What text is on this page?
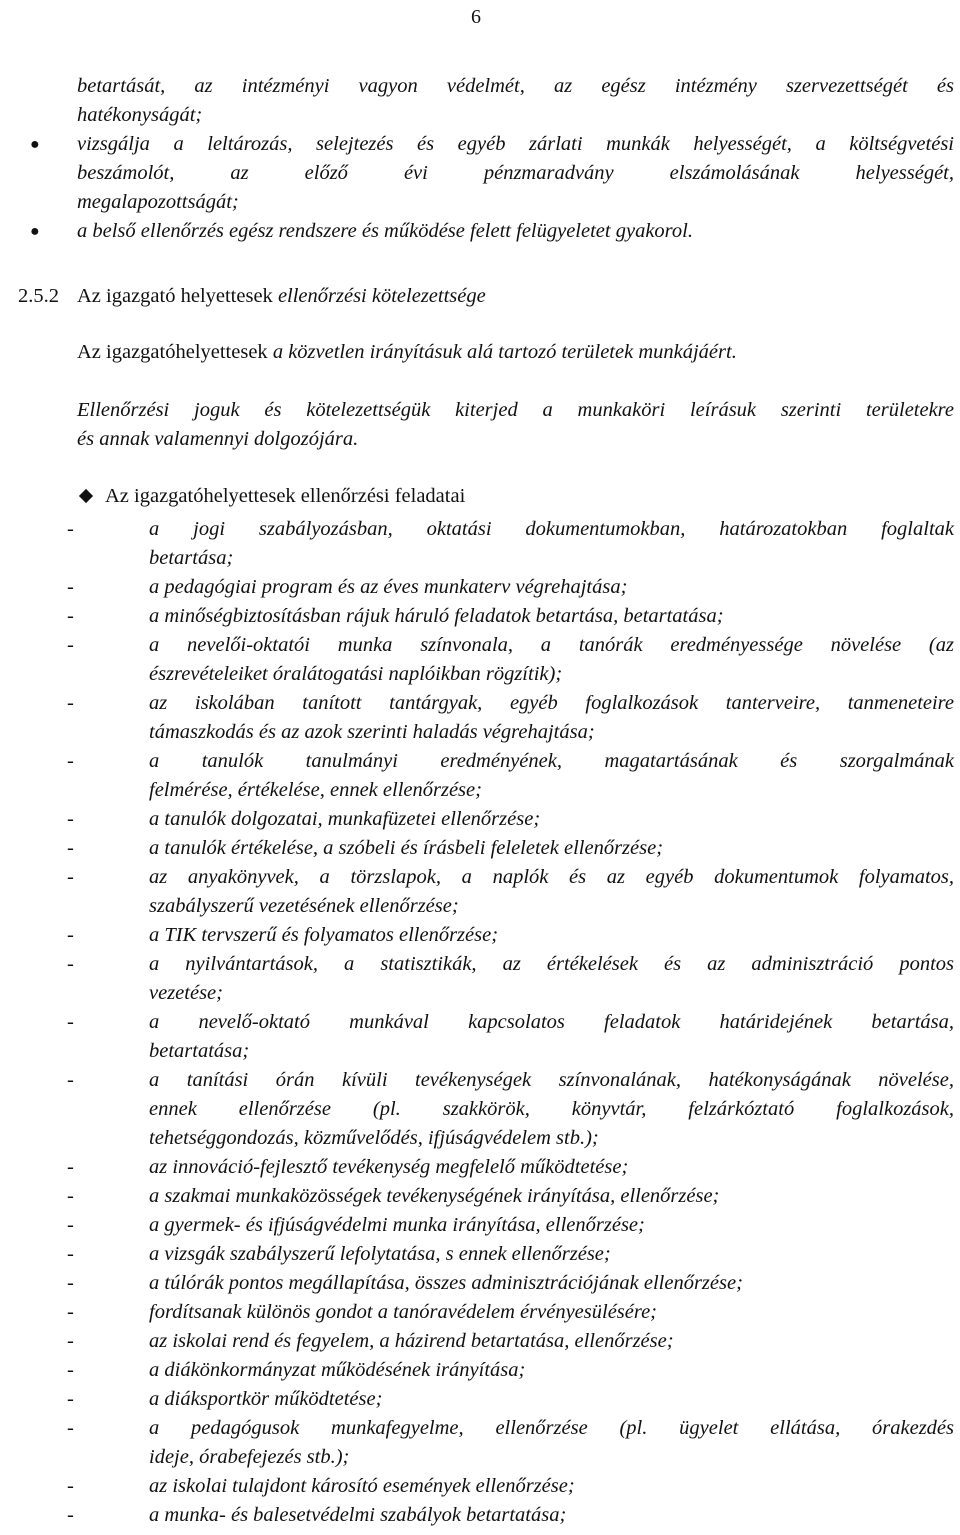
6
betartását, az intézményi vagyon védelmét, az egész intézmény szervezettségét és
hatékonyságát;
●	vizsgálja a leltározás, selejtezés és egyéb zárlati munkák helyességét, a költségvetési
beszámolót, az előző évi pénzmaradvány elszámolásának helyességét,
megalapozottságát;
●	a belső ellenőrzés egész rendszere és működése felett felügyeletet gyakorol.
2.5.2 Az igazgató helyettesek ellenőrzési kötelezettsége
Az igazgatóhelyettesek a közvetlen irányításuk alá tartozó területek munkájáért.
Ellenőrzési joguk és kötelezettségük kiterjed a munkaköri leírásuk szerinti területekre
és annak valamennyi dolgozójára.
Az igazgatóhelyettesek ellenőrzési feladatai
-	a jogi szabályozásban, oktatási dokumentumokban, határozatokban foglaltak
betartása;
-	a pedagógiai program és az éves munkaterv végrehajtása;
-	a minőségbiztosításban rájuk háruló feladatok betartása, betartatása;
-	a nevelői-oktatói munka színvonala, a tanórák eredményessége növelése (az
észrevételeiket óralátogatási naplóikban rögzítik);
-	az iskolában tanított tantárgyak, egyéb foglalkozások tanterveire, tanmeneteire
támaszkodás és az azok szerinti haladás végrehajtása;
-	a tanulók tanulmányi eredményének, magatartásának és szorgalmának
felmérése, értékelése, ennek ellenőrzése;
-	a tanulók dolgozatai, munkafüzetei ellenőrzése;
-	a tanulók értékelése, a szóbeli és írásbeli feleletek ellenőrzése;
-	az anyakönyvek, a törzslapok, a naplók és az egyéb dokumentumok folyamatos,
szabályszerű vezetésének ellenőrzése;
-	a TIK tervszerű és folyamatos ellenőrzése;
-	a nyilvántartások, a statisztikák, az értékelések és az adminisztráció pontos
vezetése;
-	a nevelő-oktató munkával kapcsolatos feladatok határidejének betartása,
betartatása;
-	a tanítási órán kívüli tevékenységek színvonalának, hatékonyságának növelése,
ennek ellenőrzése (pl. szakkörök, könyvtár, felzárkóztató foglalkozások,
tehetséggondozás, közművelődés, ifjúságvédelem stb.);
-	az innováció-fejlesztő tevékenység megfelelő működtetése;
-	a szakmai munkaközösségek tevékenységének irányítása, ellenőrzése;
-	a gyermek- és ifjúságvédelmi munka irányítása, ellenőrzése;
-	a vizsgák szabályszerű lefolytatása, s ennek ellenőrzése;
-	a túlórák pontos megállapítása, összes adminisztrációjának ellenőrzése;
-	fordítsanak különös gondot a tanóravédelem érvényesülésére;
-	az iskolai rend és fegyelem, a házirend betartatása, ellenőrzése;
-	a diákönkormányzat működésének irányítása;
-	a diáksportkör működtetése;
-	a pedagógusok munkafegyelme, ellenőrzése (pl. ügyelet ellátása, órakezdés
ideje, órabefejezés stb.);
-	az iskolai tulajdont károsító események ellenőrzése;
-	a munka- és balesetvédelmi szabályok betartatása;
